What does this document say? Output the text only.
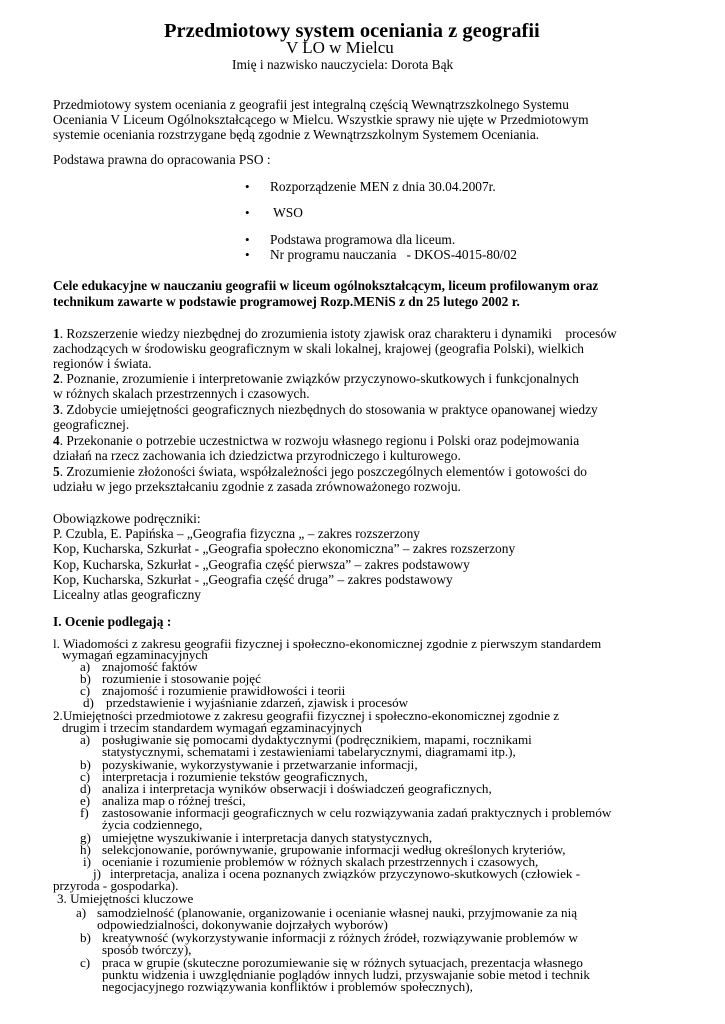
Przedmiotowy system oceniania z geografii
V LO w Mielcu
Imię i nazwisko nauczyciela: Dorota Bąk
Przedmiotowy system oceniania z geografii jest integralną częścią Wewnątrzszkolnego Systemu
Oceniania V Liceum Ogólnokształcącego w Mielcu. Wszystkie sprawy nie ujęte w Przedmiotowym
systemie oceniania rozstrzygane będą zgodnie z Wewnątrzszkolnym Systemem Oceniania.
Podstawa prawna do opracowania PSO :
• Rozporządzenie MEN z dnia 30.04.2007r.
• WSO
• Podstawa programowa dla liceum.
• Nr programu nauczania   - DKOS-4015-80/02
Cele edukacyjne w nauczaniu geografii w liceum ogólnokształcącym, liceum profilowanym oraz
technikum zawarte w podstawie programowej Rozp.MENiS z dn 25 lutego 2002 r.
1. Rozszerzenie wiedzy niezbędnej do zrozumienia istoty zjawisk oraz charakteru i dynamiki    procesów
zachodzących w środowisku geograficznym w skali lokalnej, krajowej (geografia Polski), wielkich
regionów i świata.
2. Poznanie, zrozumienie i interpretowanie związków przyczynowo-skutkowych i funkcjonalnych
w różnych skalach przestrzennych i czasowych.
3. Zdobycie umiejętności geograficznych niezbędnych do stosowania w praktyce opanowanej wiedzy
geograficznej.
4. Przekonanie o potrzebie uczestnictwa w rozwoju własnego regionu i Polski oraz podejmowania
działań na rzecz zachowania ich dziedzictwa przyrodniczego i kulturowego.
5. Zrozumienie złożoności świata, współzależności jego poszczególnych elementów i gotowości do
udziału w jego przekształcaniu zgodnie z zasada zrównoważonego rozwoju.
Obowiązkowe podręczniki:
P. Czubla, E. Papińska – „Geografia fizyczna „ – zakres rozszerzony
Kop, Kucharska, Szkurłat - „Geografia społeczno ekonomiczna” – zakres rozszerzony
Kop, Kucharska, Szkurłat - „Geografia część pierwsza” – zakres podstawowy
Kop, Kucharska, Szkurłat - „Geografia część druga” – zakres podstawowy
Licealny atlas geograficzny
I. Ocenie podlegają :
l. Wiadomości z zakresu geografii fizycznej i społeczno-ekonomicznej zgodnie z pierwszym standardem
wymagań egzaminacyjnych
a) znajomość faktów
b) rozumienie i stosowanie pojęć
c) znajomość i rozumienie prawidłowości i teorii
d) przedstawienie i wyjaśnianie zdarzeń, zjawisk i procesów
2.Umiejętności przedmiotowe z zakresu geografii fizycznej i społeczno-ekonomicznej zgodnie z
drugim i trzecim standardem wymagań egzaminacyjnych
a) posługiwanie się pomocami dydaktycznymi (podręcznikiem, mapami, rocznikami
statystycznymi, schematami i zestawieniami tabelarycznymi, diagramami itp.),
b) pozyskiwanie, wykorzystywanie i przetwarzanie informacji,
c) interpretacja i rozumienie tekstów geograficznych,
d) analiza i interpretacja wyników obserwacji i doświadczeń geograficznych,
e) analiza map o różnej treści,
f) zastosowanie informacji geograficznych w celu rozwiązywania zadań praktycznych i problemów
życia codziennego,
g) umiejętne wyszukiwanie i interpretacja danych statystycznych,
h) selekcjonowanie, porównywanie, grupowanie informacji według określonych kryteriów,
i) ocenianie i rozumienie problemów w różnych skalach przestrzennych i czasowych,
j) interpretacja, analiza i ocena poznanych związków przyczynowo-skutkowych (człowiek -
przyroda - gospodarka).
3. Umiejętności kluczowe
a) samodzielność (planowanie, organizowanie i ocenianie własnej nauki, przyjmowanie za nią
odpowiedzialności, dokonywanie dojrzałych wyborów)
b) kreatywność (wykorzystywanie informacji z różnych źródeł, rozwiązywanie problemów w
sposób twórczy),
c) praca w grupie (skuteczne porozumiewanie się w różnych sytuacjach, prezentacja własnego
punktu widzenia i uwzględnianie poglądów innych ludzi, przyswajanie sobie metod i technik
negocjacyjnego rozwiązywania konfliktów i problemów społecznych),
